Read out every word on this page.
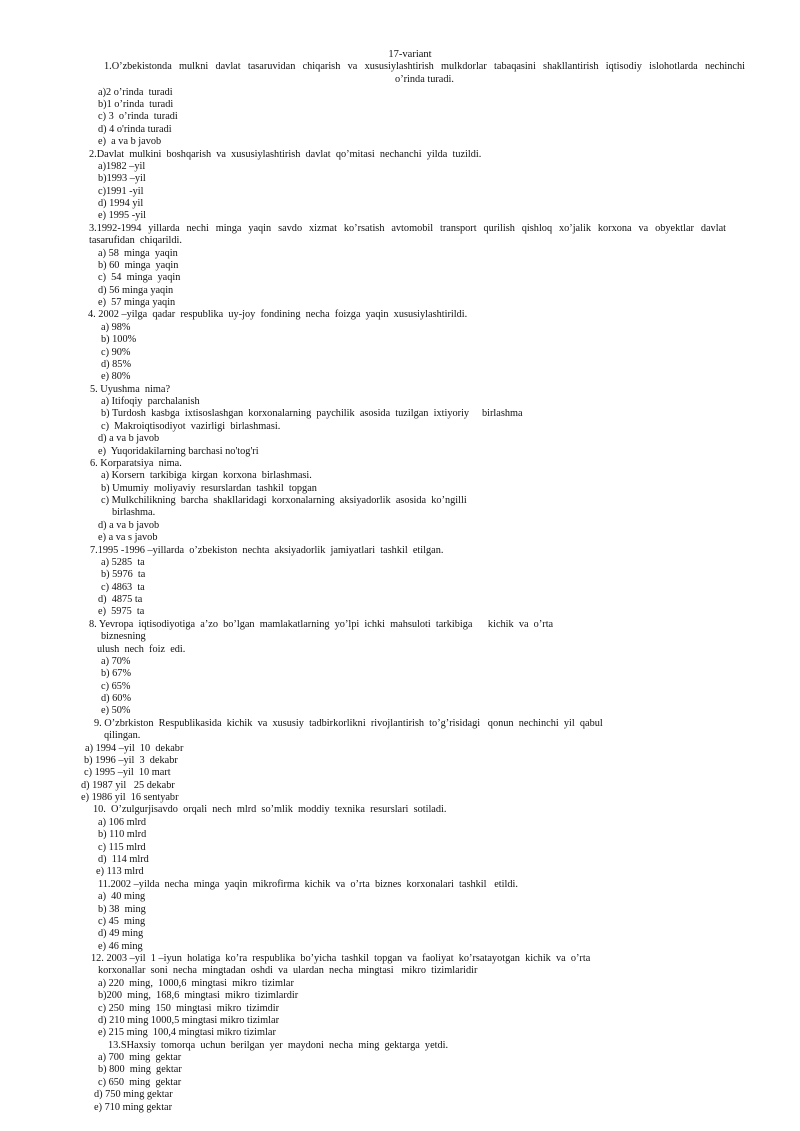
17-variant
1.O’zbekistonda mulkni davlat tasaruvidan chiqarish va xususiylashtirish mulkdorlar tabaqasini shakllantirish iqtisodiy islohotlarda nechinchi
o’rinda turadi.
a)2 o’rinda  turadi
b)1 o’rinda  turadi
c) 3  o’rinda  turadi
d) 4 o'rinda turadi
e)  a va b javob
2.Davlat  mulkini  boshqarish  va  xususiylashtirish  davlat  qo’mitasi  nechanchi  yilda  tuzildi.
a)1982 –yil
b)1993 –yil
c)1991 -yil
d) 1994 yil
e) 1995 -yil
3.1992-1994 yillarda nechi minga yaqin savdo xizmat ko’rsatish avtomobil transport qurilish qishloq xo’jalik korxona va obyektlar davlat
tasarufidan  chiqarildi.
a) 58  minga  yaqin
b) 60  minga  yaqin
c)  54  minga  yaqin
d) 56 minga yaqin
e)  57 minga yaqin
4. 2002 –yilga  qadar  respublika  uy-joy  fondining  necha  foizga  yaqin  xususiylashtirildi.
a) 98%
b) 100%
c) 90%
d) 85%
e) 80%
5. Uyushma  nima?
a) Itifoqiy  parchalanish
b) Turdosh  kasbga  ixtisoslashgan  korxonalarning  paychilik  asosida  tuzilgan  ixtiyoriy     birlashma
c)  Makroiqtisodiyot  vazirligi  birlashmasi.
d) a va b javob
e)  Yuqoridakilarning barchasi no'tog'ri
6. Korparatsiya  nima.
a) Korsern  tarkibiga  kirgan  korxona  birlashmasi.
b) Umumiy  moliyaviy  resurslardan  tashkil  topgan
c) Mulkchilikning  barcha  shakllaridagi  korxonalarning  aksiyadorlik  asosida  ko’ngilli
birlashma.
d) a va b javob
e) a va s javob
7.1995 -1996 –yillarda  o’zbekiston  nechta  aksiyadorlik  jamiyatlari  tashkil  etilgan.
a) 5285  ta
b) 5976  ta
c) 4863  ta
d)  4875 ta
e)  5975  ta
8. Yevropa  iqtisodiyotiga  a’zo  bo’lgan  mamlakatlarning  yo’lpi  ichki  mahsuloti  tarkibiga      kichik  va  o’rta
biznesning
ulush  nech  foiz  edi.
a) 70%
b) 67%
c) 65%
d) 60%
e) 50%
9. O’zbrkiston  Respublikasida  kichik  va  xususiy  tadbirkorlikni  rivojlantirish  to’g’risidagi   qonun  nechinchi  yil  qabul
qilingan.
a) 1994 –yil  10  dekabr
b) 1996 –yil  3  dekabr
c) 1995 –yil  10 mart
d) 1987 yil   25 dekabr
e) 1986 yil  16 sentyabr
10.  O’zulgurjisavdo  orqali  nech  mlrd  so’mlik  moddiy  texnika  resurslari  sotiladi.
a) 106 mlrd
b) 110 mlrd
c) 115 mlrd
d)  114 mlrd
e) 113 mlrd
11.2002 –yilda  necha  minga  yaqin  mikrofirma  kichik  va  o’rta  biznes  korxonalari  tashkil   etildi.
a)  40 ming
b) 38  ming
c) 45  ming
d) 49 ming
e) 46 ming
12. 2003 –yil  1 –iyun  holatiga  ko’ra  respublika  bo’yicha  tashkil  topgan  va  faoliyat  ko’rsatayotgan  kichik  va  o’rta
korxonallar  soni  necha  mingtadan  oshdi  va  ulardan  necha  mingtasi   mikro  tizimlaridir
a) 220  ming,  1000,6  mingtasi  mikro  tizimlar
b)200  ming,  168,6  mingtasi  mikro  tizimlardir
c) 250  ming  150  mingtasi  mikro  tizimdir
d) 210 ming 1000,5 mingtasi mikro tizimlar
e) 215 ming  100,4 mingtasi mikro tizimlar
13.SHaxsiy  tomorqa  uchun  berilgan  yer  maydoni  necha  ming  gektarga  yetdi.
a) 700  ming  gektar
b) 800  ming  gektar
c) 650  ming  gektar
d) 750 ming gektar
e) 710 ming gektar
